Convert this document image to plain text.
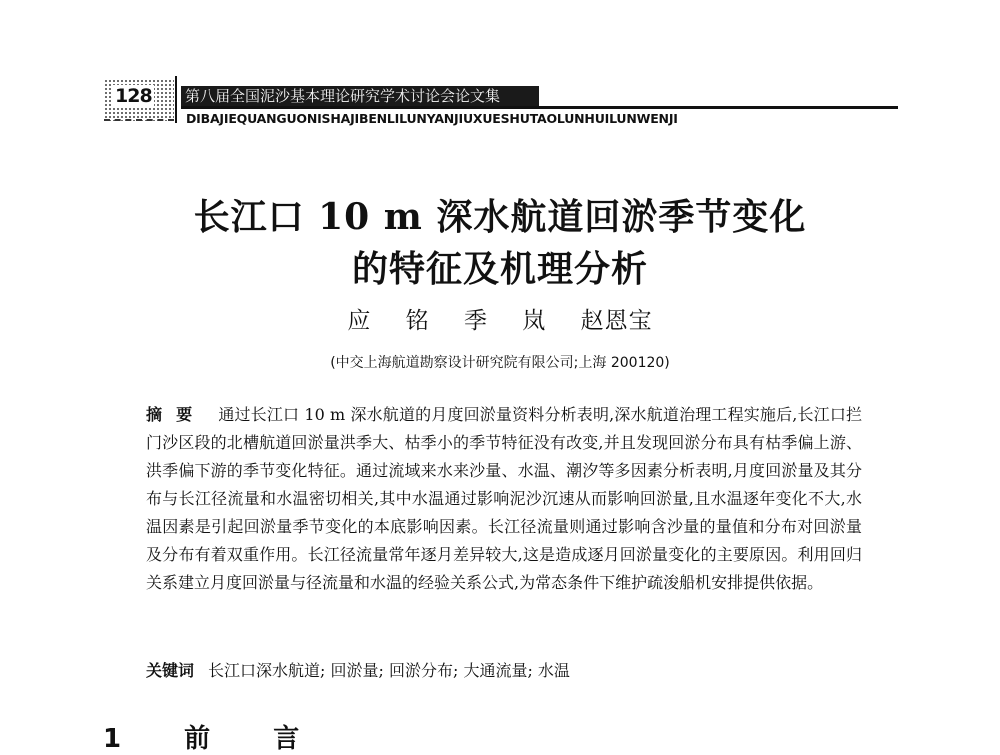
128 第八届全国泥沙基本理论研究学术讨论会论文集
DIBAJIEQUANGUONISHAJIBENLILUNYANJIUXUESHUTAOLUNHUILUNWENJI
长江口 10 m 深水航道回淤季节变化
的特征及机理分析
应 铭 季 岚 赵恩宝
(中交上海航道勘察设计研究院有限公司;上海 200120)

摘要 通过长江口 10 m 深水航道的月度回淤量资料分析表明,深水航道治理工程实施后,长江口拦门沙区段的北槽航道回淤量洪季大、枯季小的季节特征没有改变,并且发现回淤分布具有枯季偏上游、洪季偏下游的季节变化特征。通过流域来水来沙量、水温、潮汐等多因素分析表明,月度回淤量及其分布与长江径流量和水温密切相关,其中水温通过影响泥沙沉速从而影响回淤量,且水温逐年变化不大,水温因素是引起回淤量季节变化的本底影响因素。长江径流量则通过影响含沙量的量值和分布对回淤量及分布有着双重作用。长江径流量常年逐月差异较大,这是造成逐月回淤量变化的主要原因。利用回归关系建立月度回淤量与径流量和水温的经验关系公式,为常态条件下维护疏浚船机安排提供依据。

关键词 长江口深水航道; 回淤量; 回淤分布; 大通流量; 水温
1 前 言
